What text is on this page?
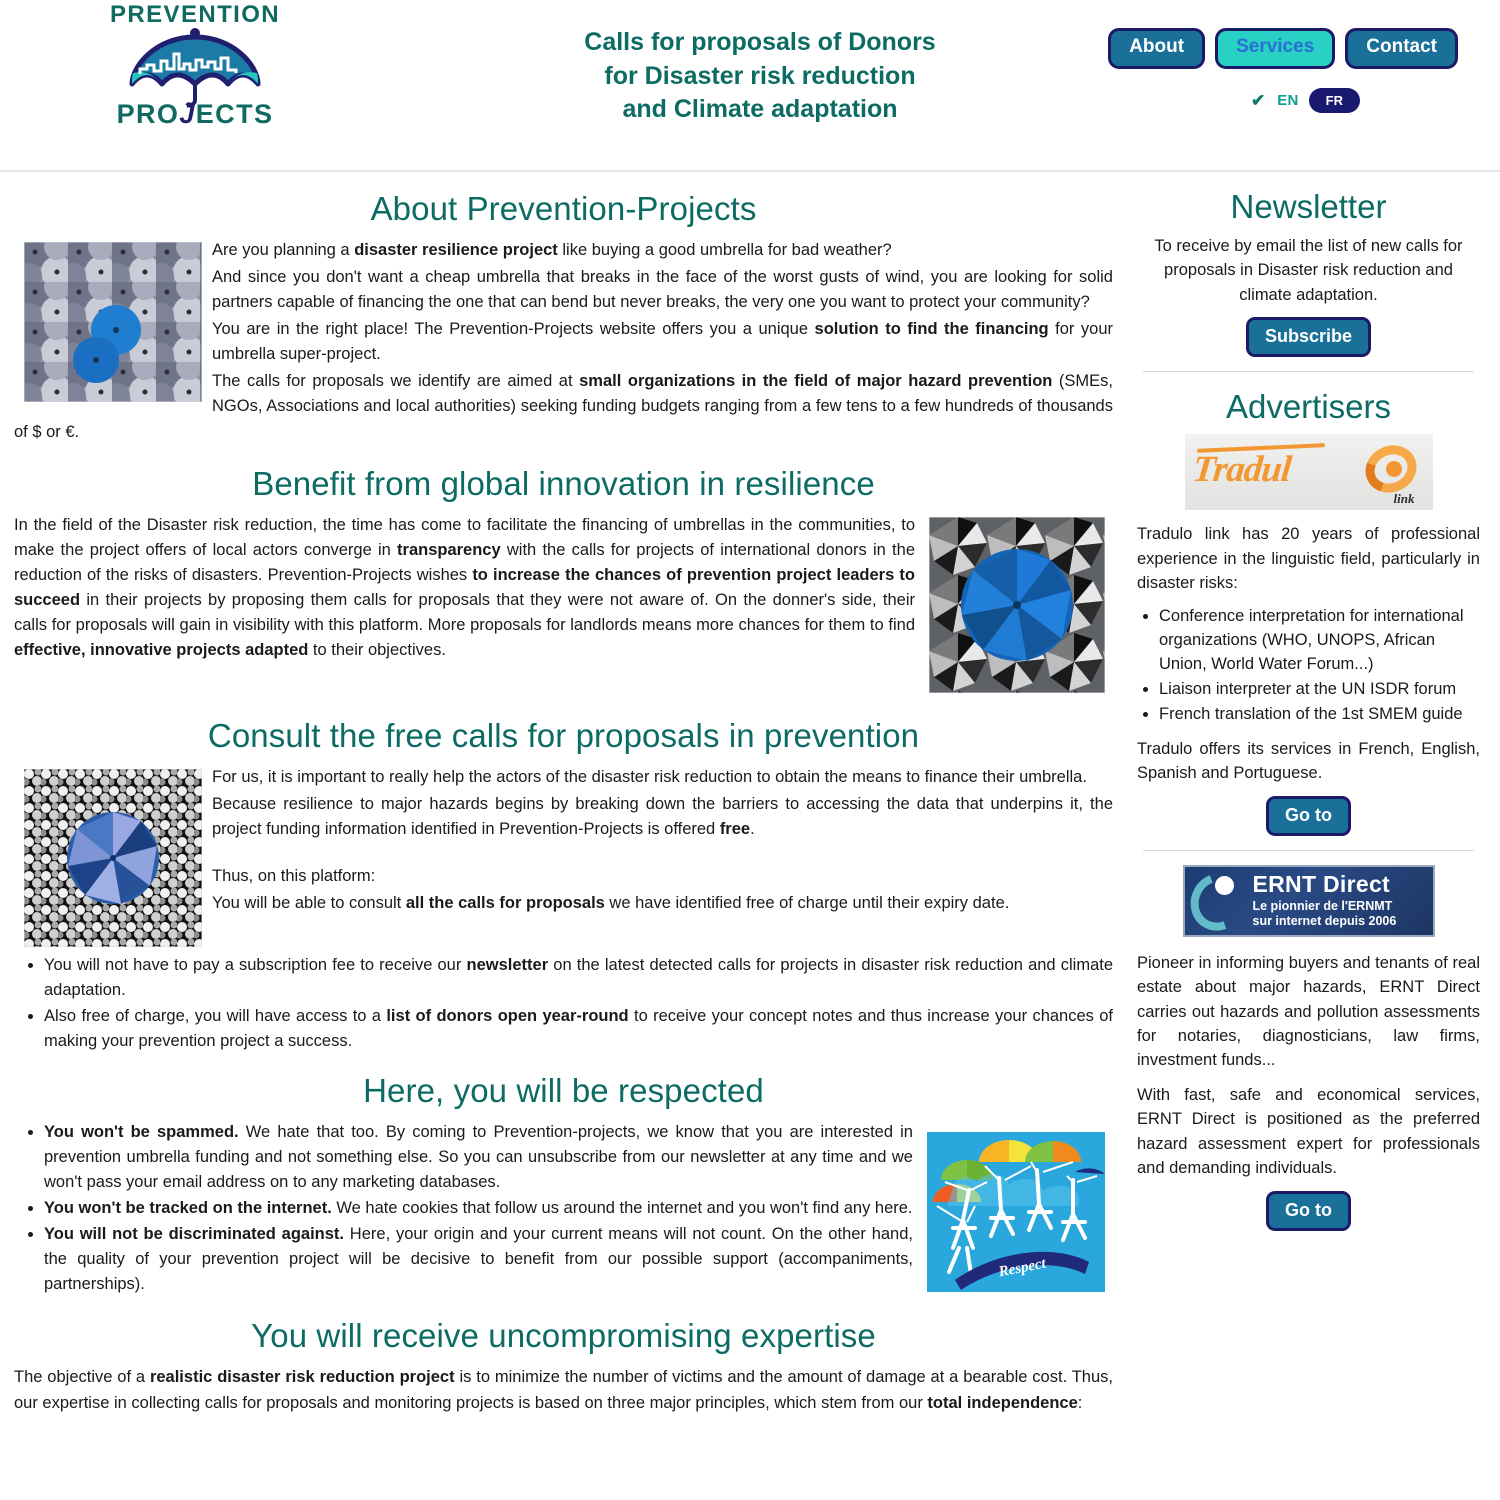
PREVENTION
PROJECTS
Calls for proposals of Donors
for Disaster risk reduction
and Climate adaptation
About	Services	Contact
✔ EN	FR
About Prevention-Projects

Are you planning a disaster resilience project like buying a good umbrella for bad weather?

And since you don't want a cheap umbrella that breaks in the face of the worst gusts of wind, you are looking for solid partners capable of financing the one that can bend but never breaks, the very one you want to protect your community?

You are in the right place! The Prevention-Projects website offers you a unique solution to find the financing for your umbrella super-project.

The calls for proposals we identify are aimed at small organizations in the field of major hazard prevention (SMEs, NGOs, Associations and local authorities) seeking funding budgets ranging from a few tens to a few hundreds of thousands of $ or €.

Benefit from global innovation in resilience

In the field of the Disaster risk reduction, the time has come to facilitate the financing of umbrellas in the communities, to make the project offers of local actors converge in transparency with the calls for projects of international donors in the reduction of the risks of disasters. Prevention-Projects wishes to increase the chances of prevention project leaders to succeed in their projects by proposing them calls for proposals that they were not aware of. On the donner's side, their calls for proposals will gain in visibility with this platform. More proposals for landlords means more chances for them to find effective, innovative projects adapted to their objectives.

Consult the free calls for proposals in prevention

For us, it is important to really help the actors of the disaster risk reduction to obtain the means to finance their umbrella.

Because resilience to major hazards begins by breaking down the barriers to accessing the data that underpins it, the project funding information identified in Prevention-Projects is offered free.

Thus, on this platform:

• You will be able to consult all the calls for proposals we have identified free of charge until their expiry date.
• You will not have to pay a subscription fee to receive our newsletter on the latest detected calls for projects in disaster risk reduction and climate adaptation.
• Also free of charge, you will have access to a list of donors open year-round to receive your concept notes and thus increase your chances of making your prevention project a success.
Here, you will be respected
Respect
• You won't be spammed. We hate that too. By coming to Prevention-projects, we know that you are interested in prevention umbrella funding and not something else. So you can unsubscribe from our newsletter at any time and we won't pass your email address on to any marketing databases.
• You won't be tracked on the internet. We hate cookies that follow us around the internet and you won't find any here.
• You will not be discriminated against. Here, your origin and your current means will not count. On the other hand, the quality of your prevention project will be decisive to benefit from our possible support (accompaniments, partnerships).
You will receive uncompromising expertise

The objective of a realistic disaster risk reduction project is to minimize the number of victims and the amount of damage at a bearable cost. Thus, our expertise in collecting calls for proposals and monitoring projects is based on three major principles, which stem from our total independence:

Newsletter

To receive by email the list of new calls for proposals in Disaster risk reduction and climate adaptation.

Subscribe
Advertisers
Tradul
link

Tradulo link has 20 years of professional experience in the linguistic field, particularly in disaster risks:

• Conference interpretation for international organizations (WHO, UNOPS, African Union, World Water Forum...)
• Liaison interpreter at the UN ISDR forum
• French translation of the 1st SMEM guide

Tradulo offers its services in French, English, Spanish and Portuguese.

Go to
ERNT Direct
Le pionnier de l'ERNMT
sur internet depuis 2006

Pioneer in informing buyers and tenants of real estate about major hazards, ERNT Direct carries out hazards and pollution assessments for notaries, diagnosticians, law firms, investment funds...

With fast, safe and economical services, ERNT Direct is positioned as the preferred hazard assessment expert for professionals and demanding individuals.

Go to
